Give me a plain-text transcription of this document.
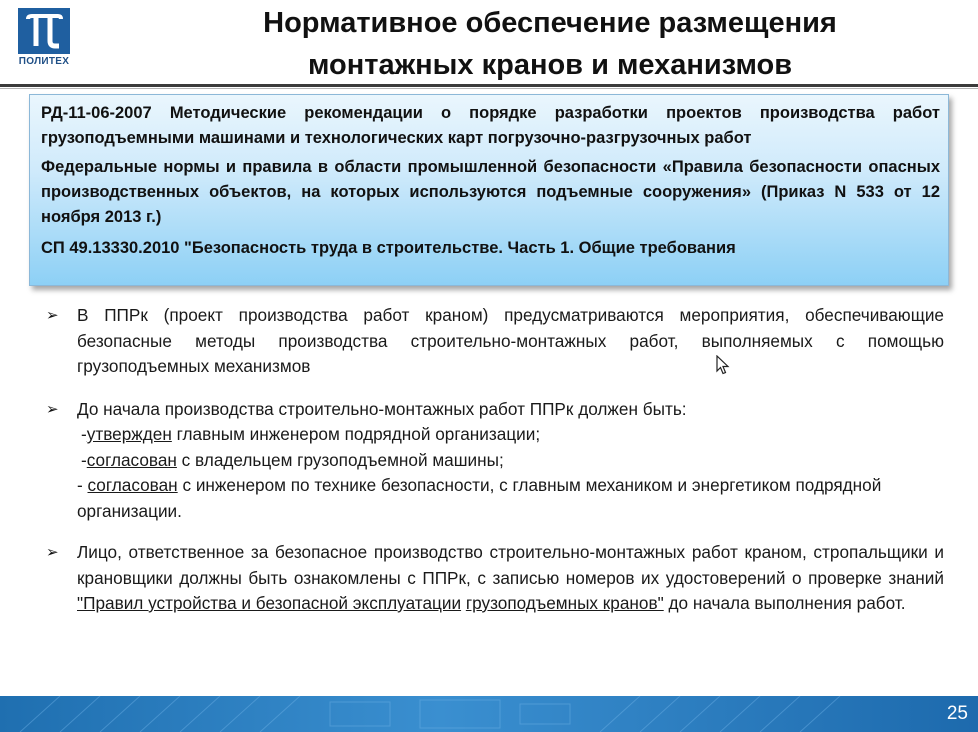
ПОЛИТЕХ
Нормативное обеспечение размещения
монтажных кранов и механизмов
РД-11-06-2007 Методические рекомендации о порядке разработки проектов производства работ грузоподъемными машинами и технологических карт погрузочно-разгрузочных работ
Федеральные нормы и правила в области промышленной безопасности «Правила безопасности опасных производственных объектов, на которых используются подъемные сооружения» (Приказ N 533 от 12 ноября 2013 г.)
СП 49.13330.2010 "Безопасность труда в строительстве. Часть 1. Общие требования
➢ В ППРк (проект производства работ краном) предусматриваются мероприятия, обеспечивающие безопасные методы производства строительно-монтажных работ, выполняемых с помощью грузоподъемных механизмов
➢ До начала производства строительно-монтажных работ ППРк должен быть:
-утвержден главным инженером подрядной организации;
-согласован с владельцем грузоподъемной машины;
- согласован с инженером по технике безопасности, с главным механиком и энергетиком подрядной организации.
➢ Лицо, ответственное за безопасное производство строительно-монтажных работ краном, стропальщики и крановщики должны быть ознакомлены с ППРк, с записью номеров их удостоверений о проверке знаний "Правил устройства и безопасной эксплуатации грузоподъемных кранов" до начала выполнения работ.
25
